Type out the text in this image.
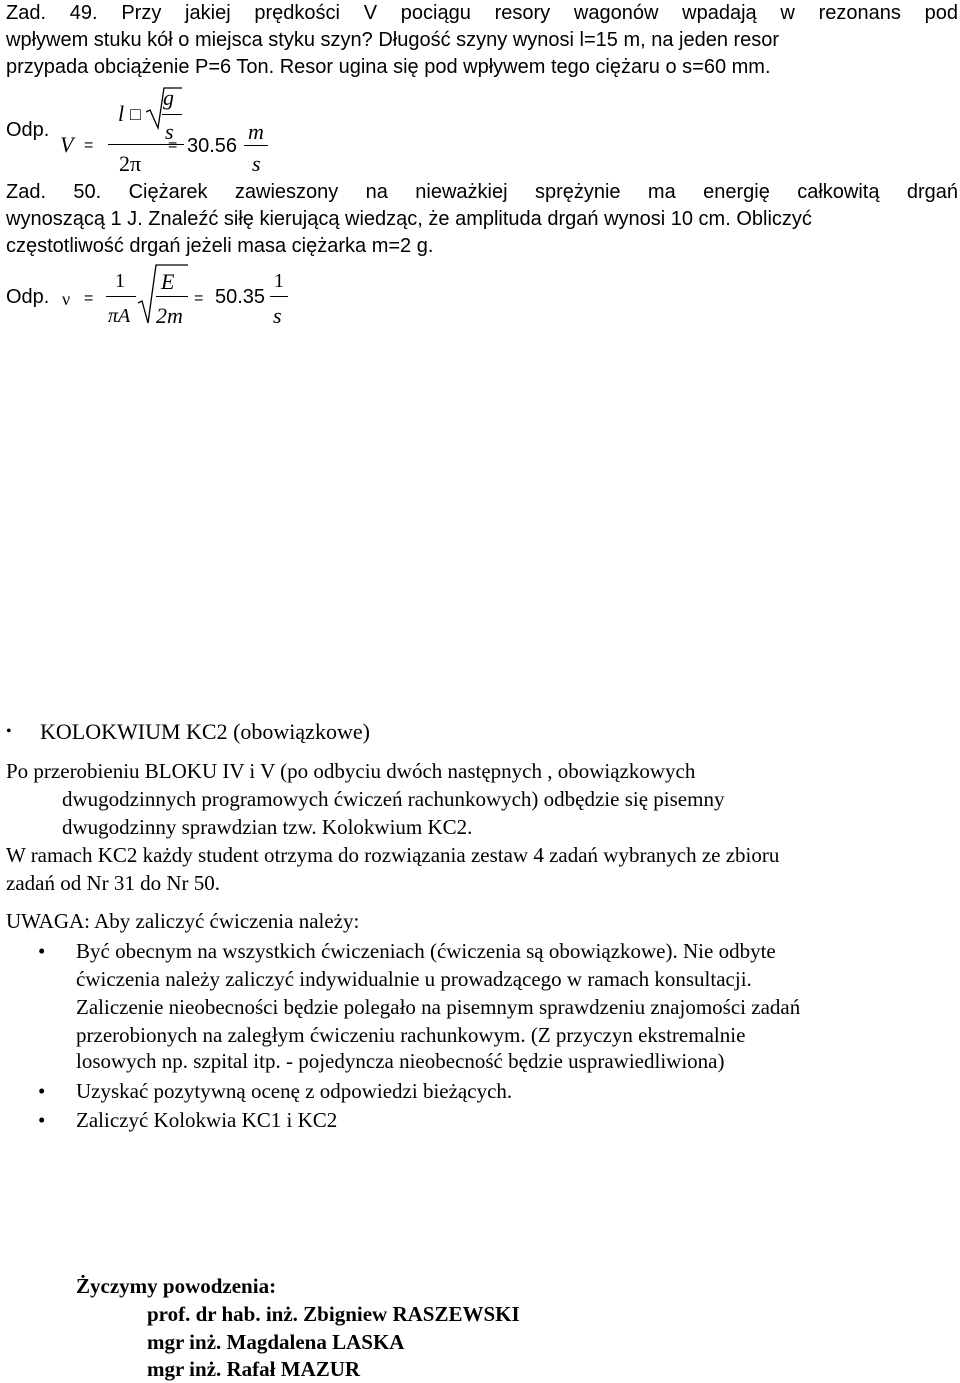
Zad. 49. Przy jakiej prędkości V pociągu resory wagonów wpadają w rezonans pod
wpływem stuku kół o miejsca styku szyn? Długość szyny wynosi l=15 m, na jeden resor
przypada obciążenie P=6 Ton. Resor ugina się pod wpływem tego ciężaru o s=60 mm.
Odp.
V =
l □
g
s
2π
= 30.56
m
s
Zad. 50. Ciężarek zawieszony na nieważkiej sprężynie ma energię całkowitą drgań
wynoszącą 1 J. Znaleźć siłę kierującą wiedząc, że amplituda drgań wynosi 10 cm. Obliczyć
częstotliwość drgań jeżeli masa ciężarka m=2 g.
Odp. ν =
1
πA
E
2m
= 50.35
1
s
• KOLOKWIUM KC2 (obowiązkowe)
Po przerobieniu BLOKU IV i V (po odbyciu dwóch następnych , obowiązkowych
dwugodzinnych programowych ćwiczeń rachunkowych) odbędzie się pisemny
dwugodzinny sprawdzian tzw. Kolokwium KC2.
W ramach KC2 każdy student otrzyma do rozwiązania zestaw 4 zadań wybranych ze zbioru
zadań od Nr 31 do Nr 50.
UWAGA: Aby zaliczyć ćwiczenia należy:
• Być obecnym na wszystkich ćwiczeniach (ćwiczenia są obowiązkowe). Nie odbyte
ćwiczenia należy zaliczyć indywidualnie u prowadzącego w ramach konsultacji.
Zaliczenie nieobecności będzie polegało na pisemnym sprawdzeniu znajomości zadań
przerobionych na zaległym ćwiczeniu rachunkowym. (Z przyczyn ekstremalnie
losowych np. szpital itp. - pojedyncza nieobecność będzie usprawiedliwiona)
• Uzyskać pozytywną ocenę z odpowiedzi bieżących.
• Zaliczyć Kolokwia KC1 i KC2
Życzymy powodzenia:
prof. dr hab. inż. Zbigniew RASZEWSKI
mgr inż. Magdalena LASKA
mgr inż. Rafał MAZUR
